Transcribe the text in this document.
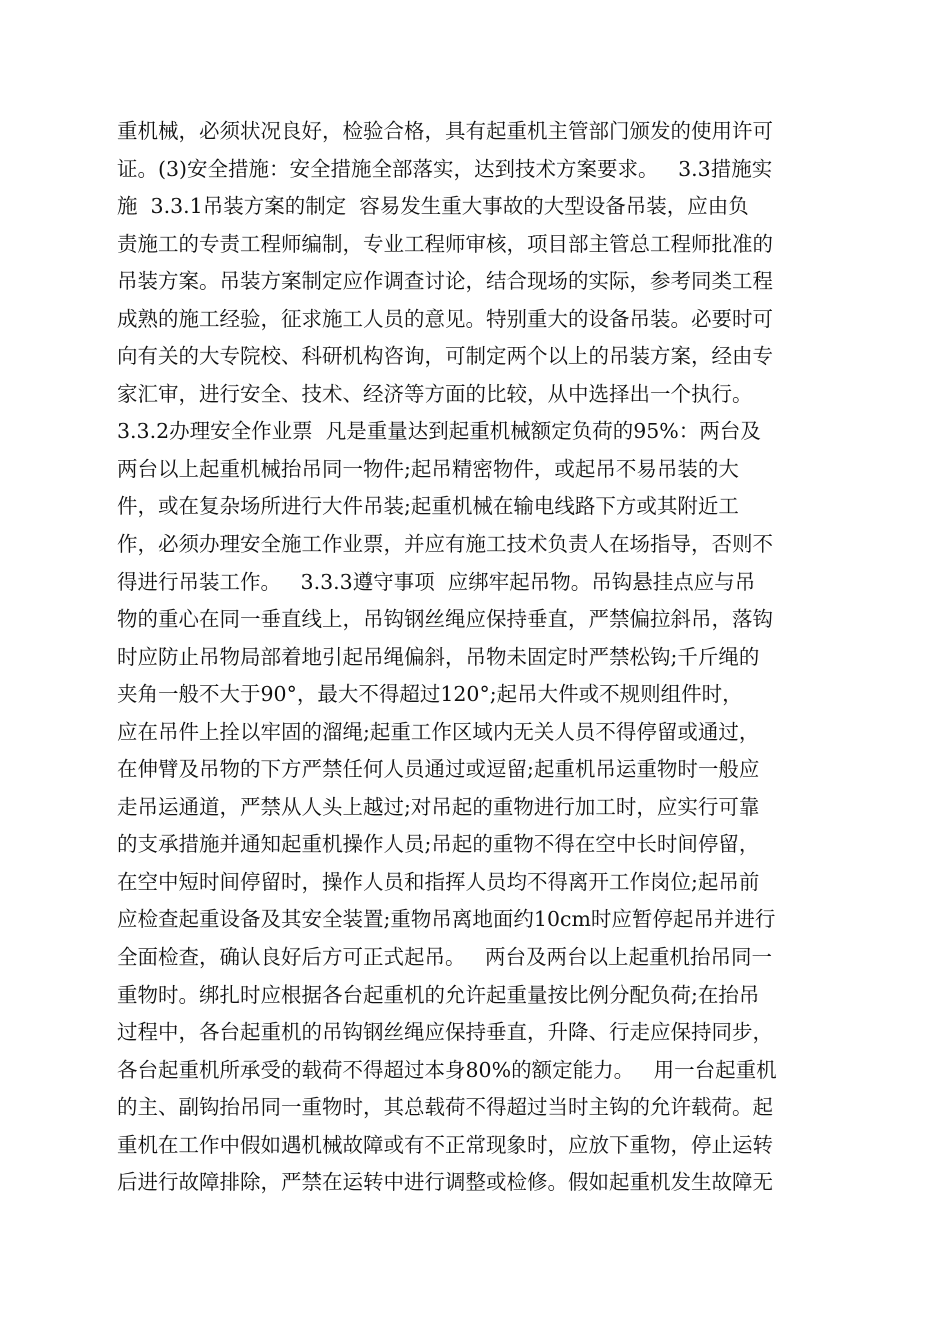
重机械，必须状况良好，检验合格，具有起重机主管部门颁发的使用许可
证。(3)安全措施：安全措施全部落实，达到技术方案要求。   3.3措施实
施  3.3.1吊装方案的制定  容易发生重大事故的大型设备吊装，应由负
责施工的专责工程师编制，专业工程师审核，项目部主管总工程师批准的
吊装方案。吊装方案制定应作调查讨论，结合现场的实际，参考同类工程
成熟的施工经验，征求施工人员的意见。特别重大的设备吊装。必要时可
向有关的大专院校、科研机构咨询，可制定两个以上的吊装方案，经由专
家汇审，进行安全、技术、经济等方面的比较，从中选择出一个执行。
3.3.2办理安全作业票  凡是重量达到起重机械额定负荷的95%：两台及
两台以上起重机械抬吊同一物件;起吊精密物件，或起吊不易吊装的大
件，或在复杂场所进行大件吊装;起重机械在输电线路下方或其附近工
作，必须办理安全施工作业票，并应有施工技术负责人在场指导，否则不
得进行吊装工作。   3.3.3遵守事项  应绑牢起吊物。吊钩悬挂点应与吊
物的重心在同一垂直线上，吊钩钢丝绳应保持垂直，严禁偏拉斜吊，落钩
时应防止吊物局部着地引起吊绳偏斜，吊物未固定时严禁松钩;千斤绳的
夹角一般不大于90°，最大不得超过120°;起吊大件或不规则组件时，
应在吊件上拴以牢固的溜绳;起重工作区域内无关人员不得停留或通过，
在伸臂及吊物的下方严禁任何人员通过或逗留;起重机吊运重物时一般应
走吊运通道，严禁从人头上越过;对吊起的重物进行加工时，应实行可靠
的支承措施并通知起重机操作人员;吊起的重物不得在空中长时间停留，
在空中短时间停留时，操作人员和指挥人员均不得离开工作岗位;起吊前
应检查起重设备及其安全装置;重物吊离地面约10cm时应暂停起吊并进行
全面检查，确认良好后方可正式起吊。   两台及两台以上起重机抬吊同一
重物时。绑扎时应根据各台起重机的允许起重量按比例分配负荷;在抬吊
过程中，各台起重机的吊钩钢丝绳应保持垂直，升降、行走应保持同步，
各台起重机所承受的载荷不得超过本身80%的额定能力。   用一台起重机
的主、副钩抬吊同一重物时，其总载荷不得超过当时主钩的允许载荷。起
重机在工作中假如遇机械故障或有不正常现象时，应放下重物，停止运转
后进行故障排除，严禁在运转中进行调整或检修。假如起重机发生故障无
